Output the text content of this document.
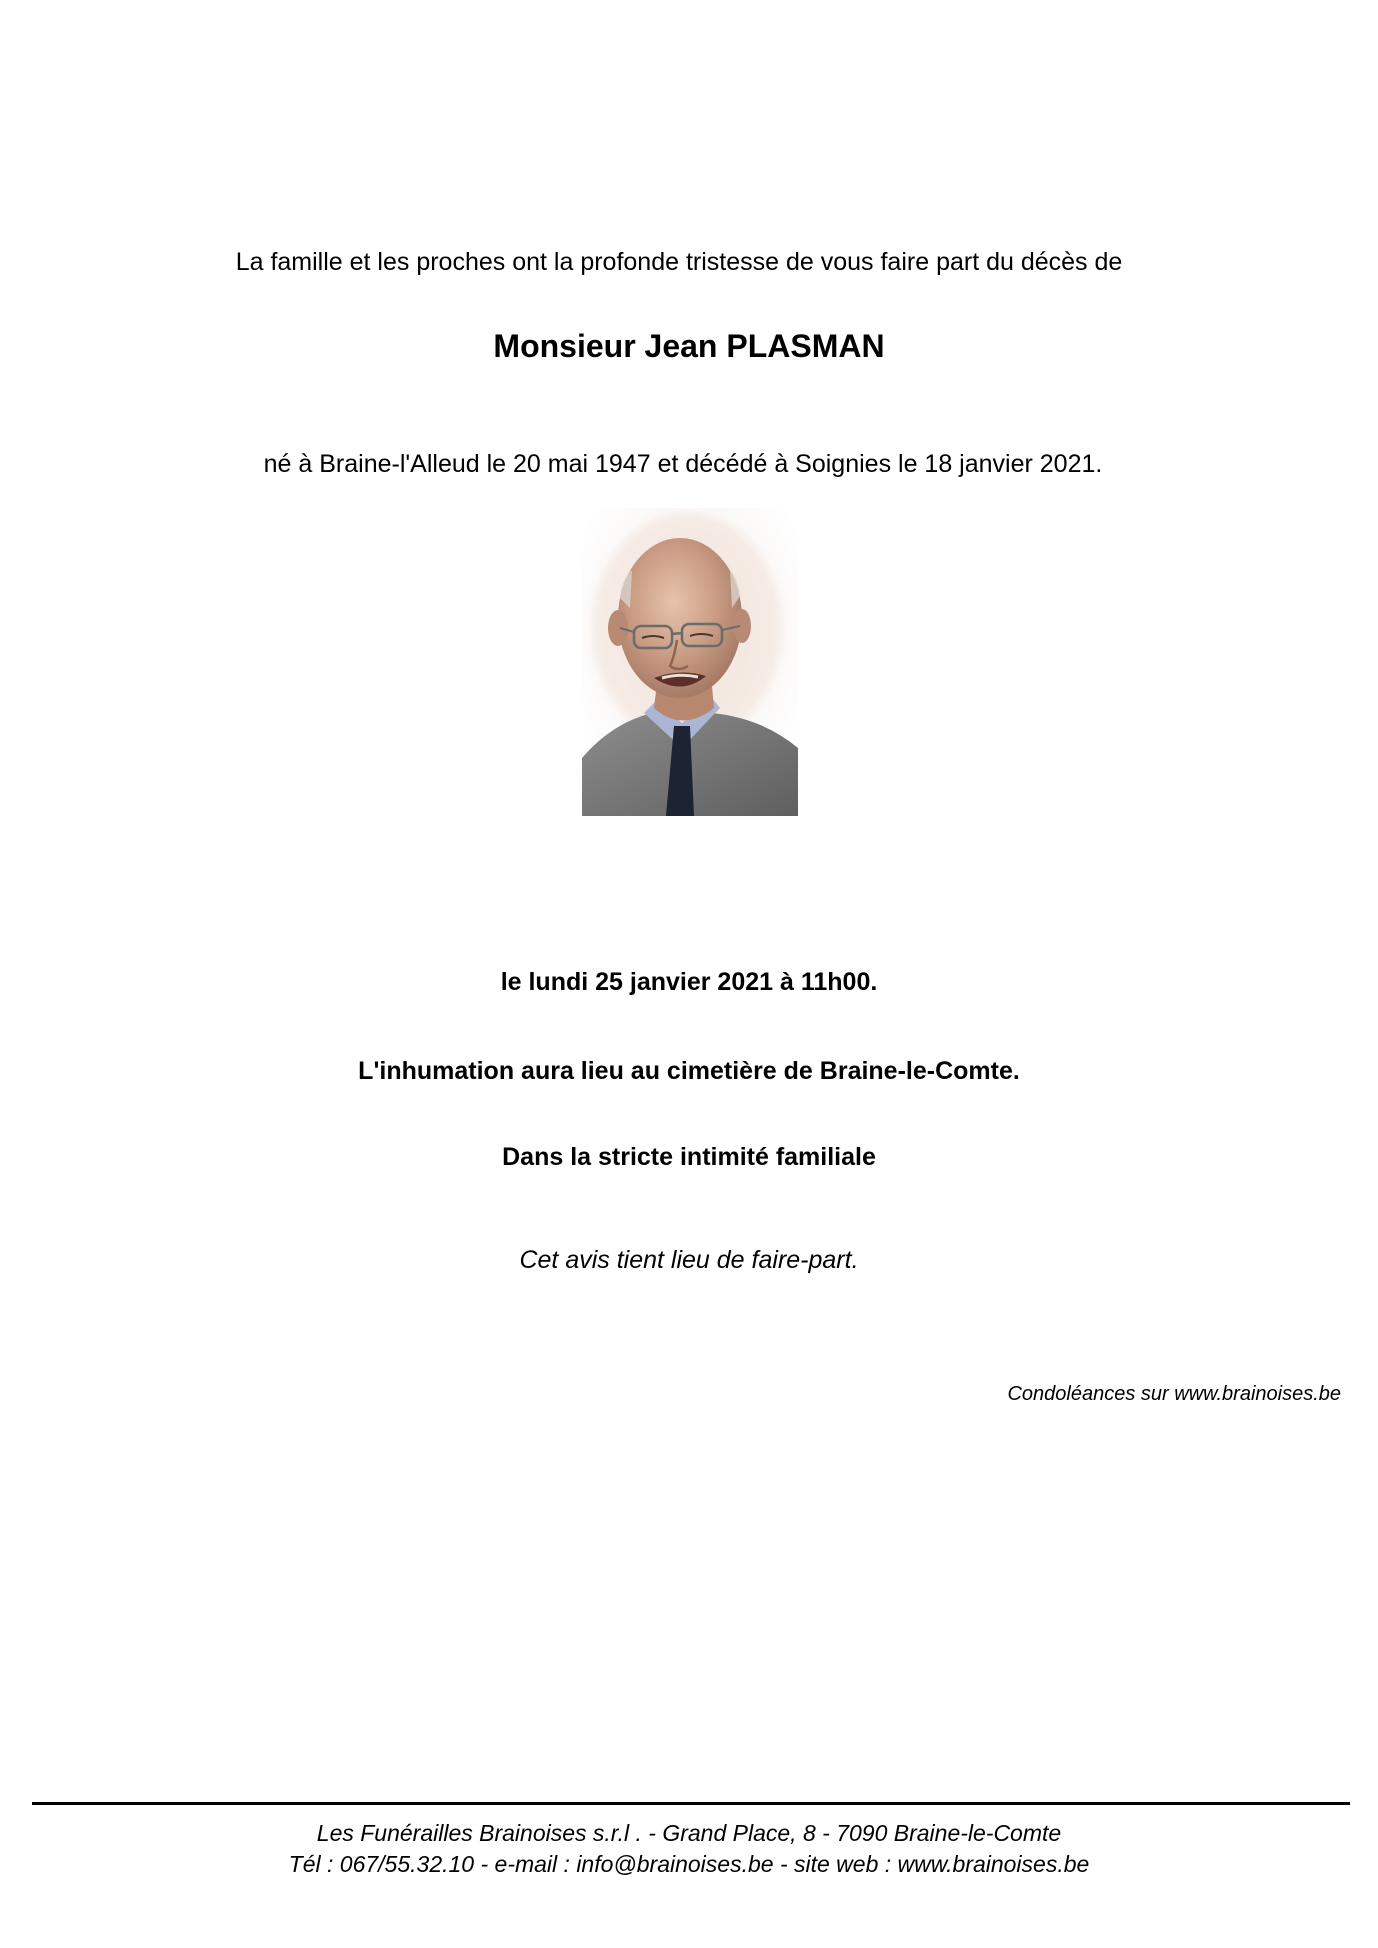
La famille et les proches ont la profonde tristesse de vous faire part du décès de
Monsieur Jean PLASMAN
né à Braine-l'Alleud le 20 mai 1947 et décédé à Soignies le 18 janvier 2021.
le lundi 25 janvier 2021 à 11h00.
L'inhumation aura lieu au cimetière de Braine-le-Comte.
Dans la stricte intimité familiale
Cet avis tient lieu de faire-part.
Condoléances sur www.brainoises.be
Les Funérailles Brainoises s.r.l . - Grand Place, 8 - 7090 Braine-le-Comte
Tél : 067/55.32.10 - e-mail : info@brainoises.be - site web : www.brainoises.be
